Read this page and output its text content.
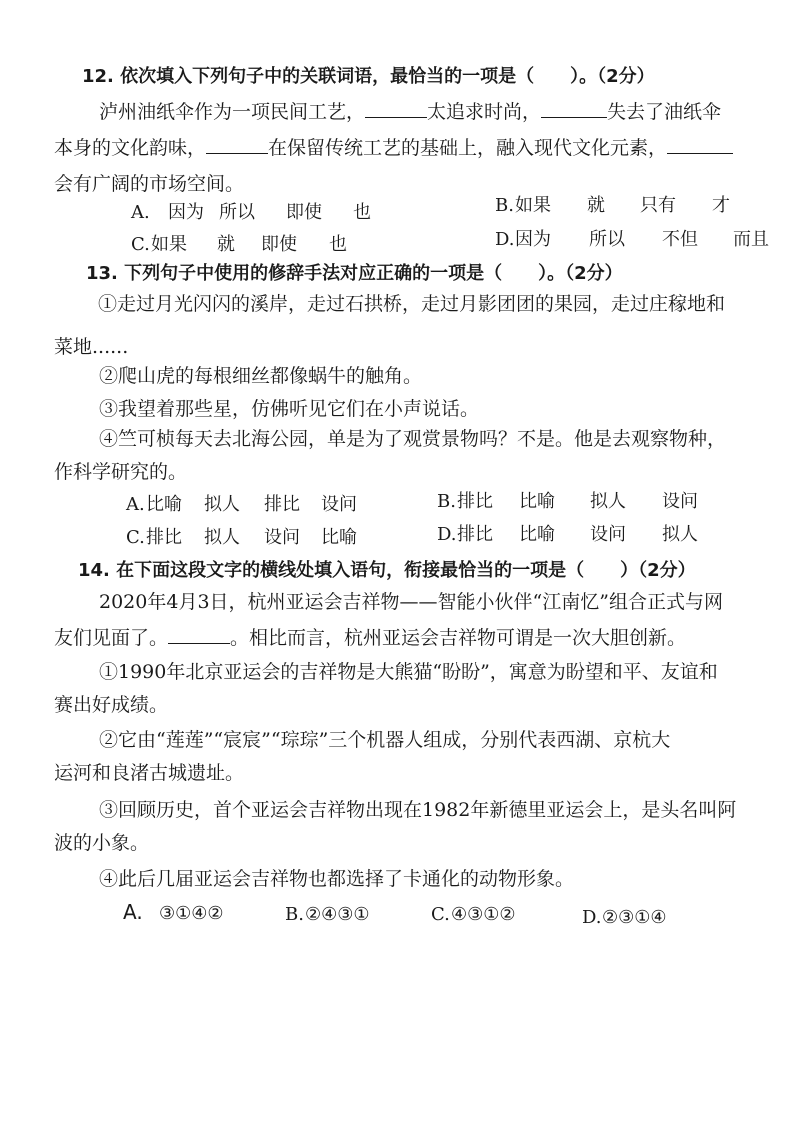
12. 依次填入下列句子中的关联词语，最恰当的一项是（　　）。（2分）
泸州油纸伞作为一项民间工艺，	太追求时尚，	失去了油纸伞
本身的文化韵味，	在保留传统工艺的基础上，融入现代文化元素，
会有广阔的市场空间。
A. 因为 所以 即使 也	B.如果 就 只有 才
C.如果 就 即使 也	D.因为 所以 不但 而且
13. 下列句子中使用的修辞手法对应正确的一项是（　　）。（2分）
①走过月光闪闪的溪岸，走过石拱桥，走过月影团团的果园，走过庄稼地和
菜地......
②爬山虎的每根细丝都像蜗牛的触角。
③我望着那些星，仿佛听见它们在小声说话。
④竺可桢每天去北海公园，单是为了观赏景物吗？不是。他是去观察物种，
作科学研究的。
A.比喻 拟人 排比 设问	B.排比 比喻 拟人 设问
C.排比 拟人 设问 比喻	D.排比 比喻 设问 拟人
14. 在下面这段文字的横线处填入语句，衔接最恰当的一项是（　　）（2分）
2020年4月3日，杭州亚运会吉祥物——智能小伙伴“江南忆”组合正式与网
友们见面了。	。相比而言，杭州亚运会吉祥物可谓是一次大胆创新。
①1990年北京亚运会的吉祥物是大熊猫“盼盼”，寓意为盼望和平、友谊和
赛出好成绩。
②它由“莲莲”“宸宸”“琮琮”三个机器人组成，分别代表西湖、京杭大
运河和良渚古城遗址。
③回顾历史，首个亚运会吉祥物出现在1982年新德里亚运会上，是头名叫阿
波的小象。
④此后几届亚运会吉祥物也都选择了卡通化的动物形象。
A. ③①④②	B.②④③①	C.④③①②	D.②③①④
